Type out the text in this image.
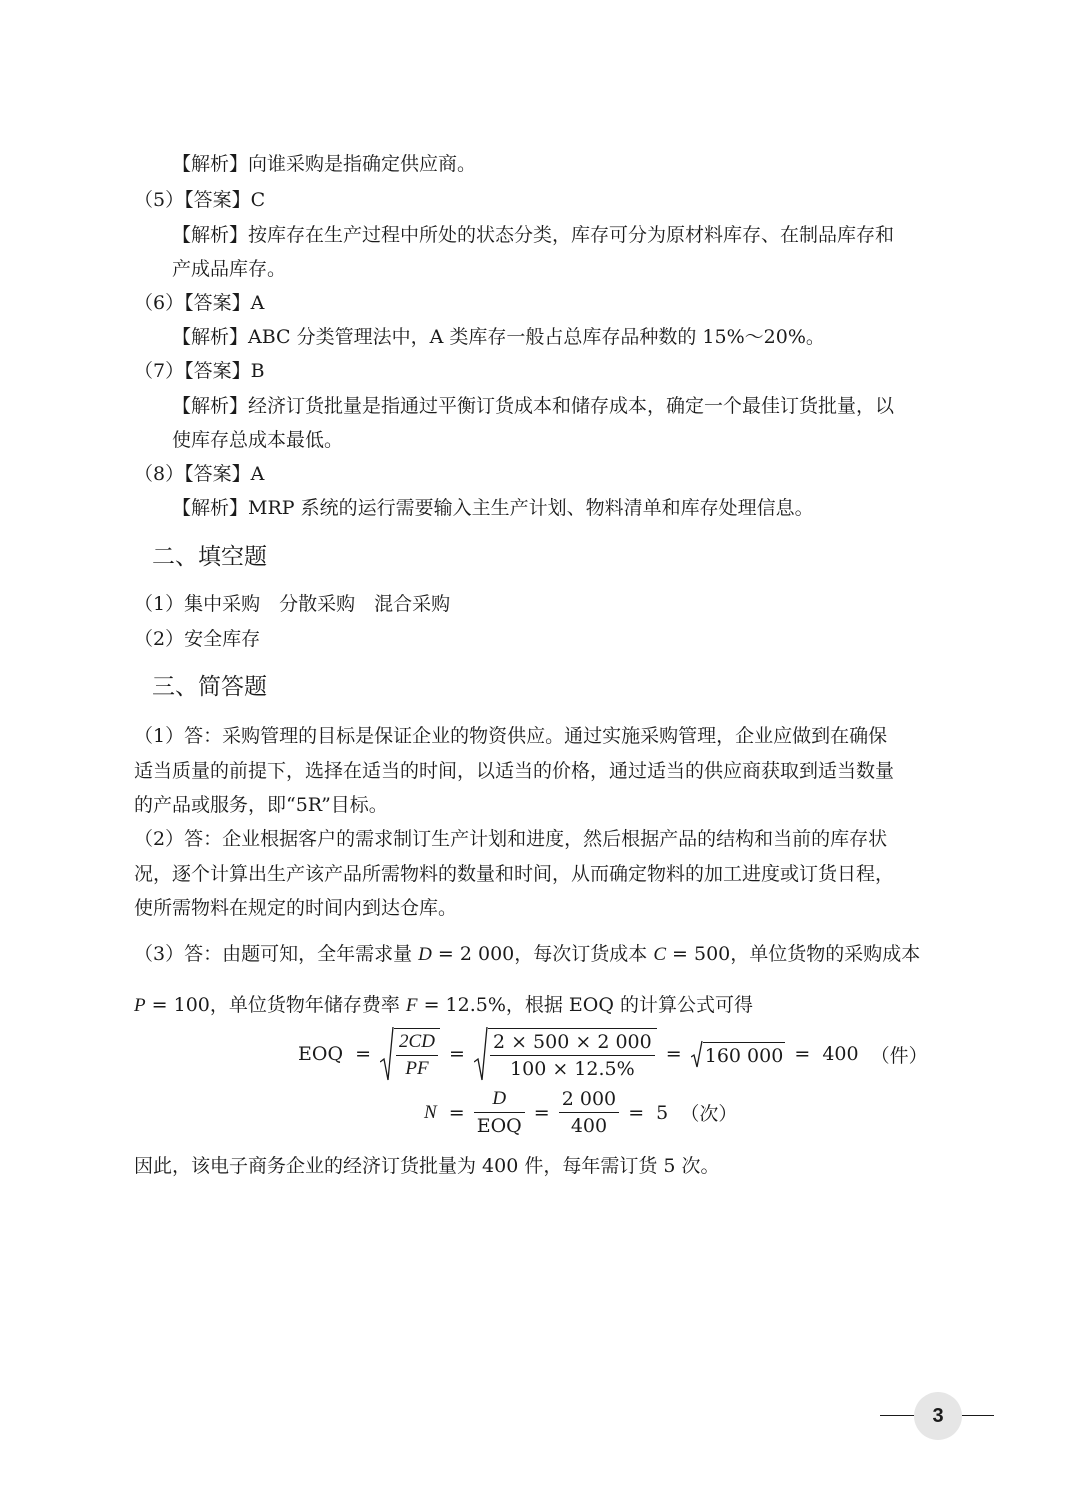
【解析】向谁采购是指确定供应商。
（5）【答案】C
【解析】按库存在生产过程中所处的状态分类，库存可分为原材料库存、在制品库存和
产成品库存。
（6）【答案】A
【解析】ABC 分类管理法中，A 类库存一般占总库存品种数的 15%～20%。
（7）【答案】B
【解析】经济订货批量是指通过平衡订货成本和储存成本，确定一个最佳订货批量，以
使库存总成本最低。
（8）【答案】A
【解析】MRP 系统的运行需要输入主生产计划、物料清单和库存处理信息。
二、填空题
（1）集中采购　分散采购　混合采购
（2）安全库存
三、简答题
（1）答：采购管理的目标是保证企业的物资供应。通过实施采购管理，企业应做到在确保
适当质量的前提下，选择在适当的时间，以适当的价格，通过适当的供应商获取到适当数量
的产品或服务，即“5R”目标。
（2）答：企业根据客户的需求制订生产计划和进度，然后根据产品的结构和当前的库存状
况，逐个计算出生产该产品所需物料的数量和时间，从而确定物料的加工进度或订货日程，
使所需物料在规定的时间内到达仓库。
（3）答：由题可知，全年需求量 D = 2 000，每次订货成本 C = 500，单位货物的采购成本
P = 100，单位货物年储存费率 F = 12.5%，根据 EOQ 的计算公式可得
EOQ = $\frac{2CD}{PF} = \frac{2 \times 500 \times 2 000}{100 \times 12.5\%} = 160$ 000 = 400 （件）
$N = \frac{D}{\text{EOQ}} = \frac{2 000}{400} = 5$ （次）
因此，该电子商务企业的经济订货批量为 400 件，每年需订货 5 次。
3
